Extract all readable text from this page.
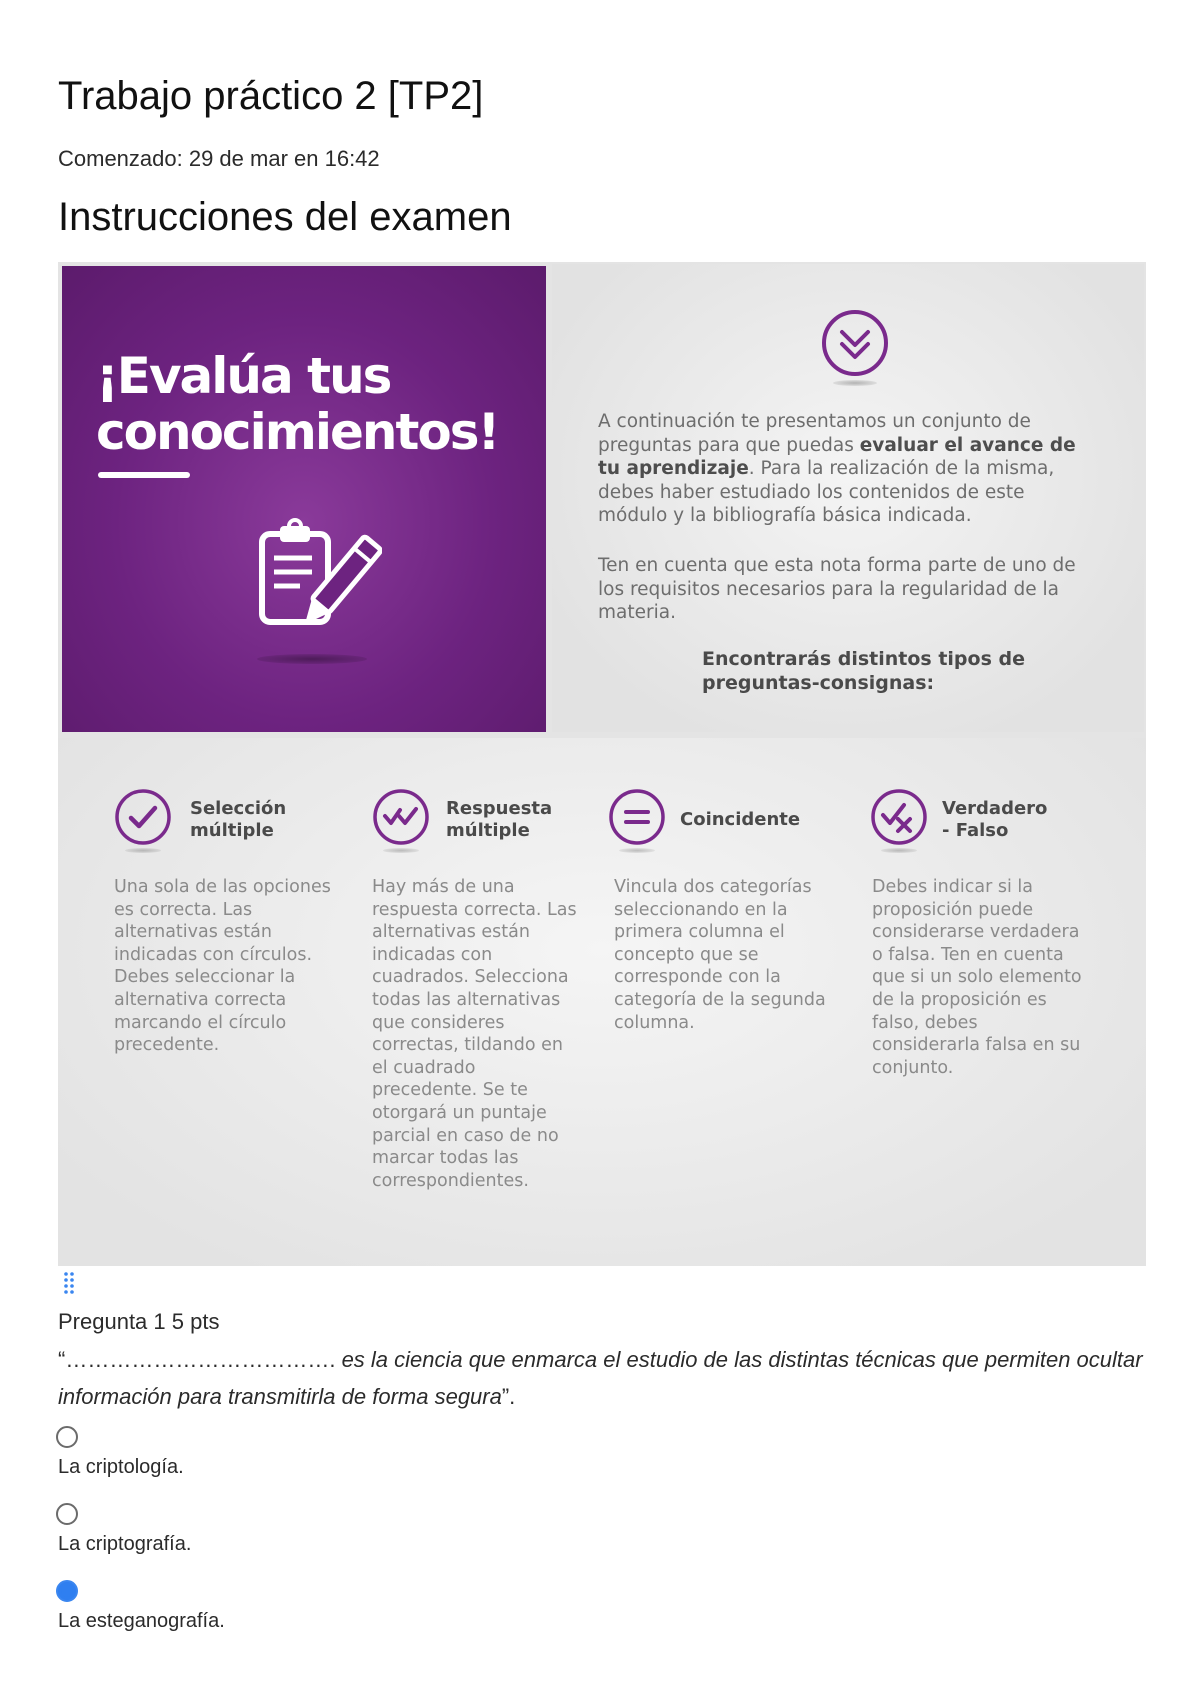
Trabajo práctico 2 [TP2]
Comenzado: 29 de mar en 16:42
Instrucciones del examen
¡Evalúa tus
conocimientos!	A continuación te presentamos un conjunto de preguntas para que puedas evaluar el avance de tu aprendizaje. Para la realización de la misma, debes haber estudiado los contenidos de este módulo y la bibliografía básica indicada.

Ten en cuenta que esta nota forma parte de uno de los requisitos necesarios para la regularidad de la materia.

Encontrarás distintos tipos de preguntas-consignas:

Selección
múltiple
Una sola de las opciones es correcta. Las alternativas están indicadas con círculos. Debes seleccionar la alternativa correcta marcando el círculo precedente.
Respuesta
múltiple
Hay más de una respuesta correcta. Las alternativas están indicadas con cuadrados. Selecciona todas las alternativas que consideres correctas, tildando en el cuadrado precedente. Se te otorgará un puntaje parcial en caso de no marcar todas las correspondientes.
Coincidente
Vincula dos categorías seleccionando en la primera columna el concepto que se corresponde con la categoría de la segunda columna.
Verdadero
- Falso
Debes indicar si la proposición puede considerarse verdadera o falsa. Ten en cuenta que si un solo elemento de la proposición es falso, debes considerarla falsa en su conjunto.
Pregunta 1 5 pts
“………………………………. es la ciencia que enmarca el estudio de las distintas técnicas que permiten ocultar información para transmitirla de forma segura”.
La criptología.
La criptografía.
La esteganografía.
